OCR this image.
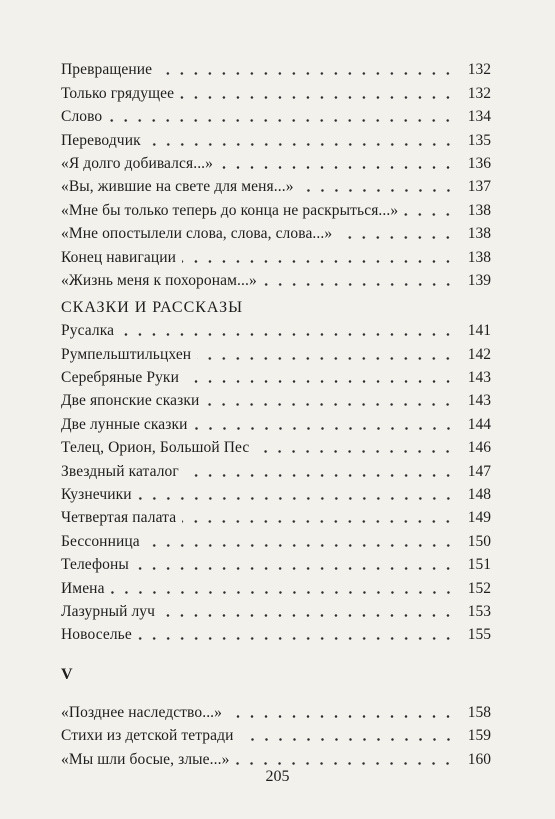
Превращение	132
Только грядущее	132
Слово	134
Переводчик	135
«Я долго добивался...»	136
«Вы, жившие на свете для меня...»	137
«Мне бы только теперь до конца не раскрыться...»	138
«Мне опостылели слова, слова, слова...»	138
Конец навигации	138
«Жизнь меня к похоронам...»	139
СКАЗКИ И РАССКАЗЫ
Русалка	141
Румпельштильцхен	142
Серебряные Руки	143
Две японские сказки	143
Две лунные сказки	144
Телец, Орион, Большой Пес	146
Звездный каталог	147
Кузнечики	148
Четвертая палата	149
Бессонница	150
Телефоны	151
Имена	152
Лазурный луч	153
Новоселье	155
V
«Позднее наследство...»	158
Стихи из детской тетради	159
«Мы шли босые, злые...»	160
205
